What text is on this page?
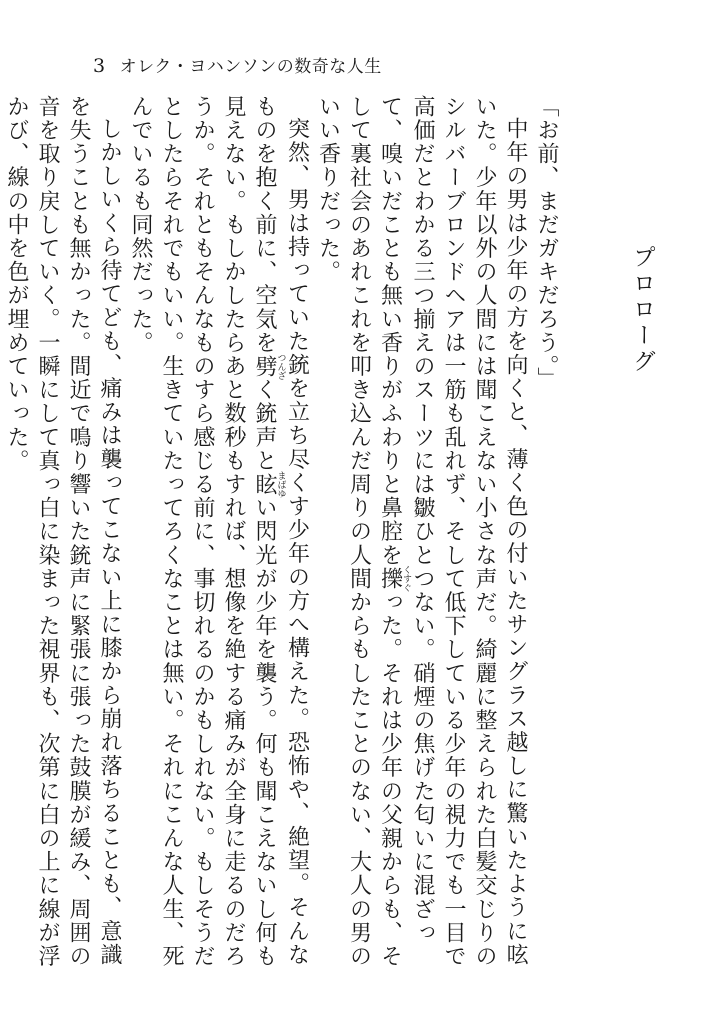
3 オレク・ヨハンソンの数奇な人生
プロローグ

「お前、まだガキだろう。」

中年の男は少年の方を向くと、薄く色の付いたサングラス越しに驚いたように呟いた。少年以外の人間には聞こえない小さな声だ。綺麗に整えられた白髪交じりのシルバーブロンドヘアは一筋も乱れず、そして低下している少年の視力でも一目で高価だとわかる三つ揃えのスーツには皺ひとつない。硝煙の焦げた匂いに混ざって、嗅いだことも無い香りがふわりと鼻腔を擽くすぐった。それは少年の父親からも、そして裏社会のあれこれを叩き込んだ周りの人間からもしたことのない、大人の男のいい香りだった。

突然、男は持っていた銃を立ち尽くす少年の方へ構えた。恐怖や、絶望。そんなものを抱く前に、空気を劈つんざく銃声と眩まばゆい閃光が少年を襲う。何も聞こえないし何も見えない。もしかしたらあと数秒もすれば、想像を絶する痛みが全身に走るのだろうか。それともそんなものすら感じる前に、事切れるのかもしれない。もしそうだとしたらそれでもいい。生きていたってろくなことは無い。それにこんな人生、死んでいるも同然だった。

しかしいくら待てども、痛みは襲ってこない上に膝から崩れ落ちることも、意識を失うことも無かった。間近で鳴り響いた銃声に緊張に張った鼓膜が緩み、周囲の音を取り戻していく。一瞬にして真っ白に染まった視界も、次第に白の上に線が浮かび、線の中を色が埋めていった。
